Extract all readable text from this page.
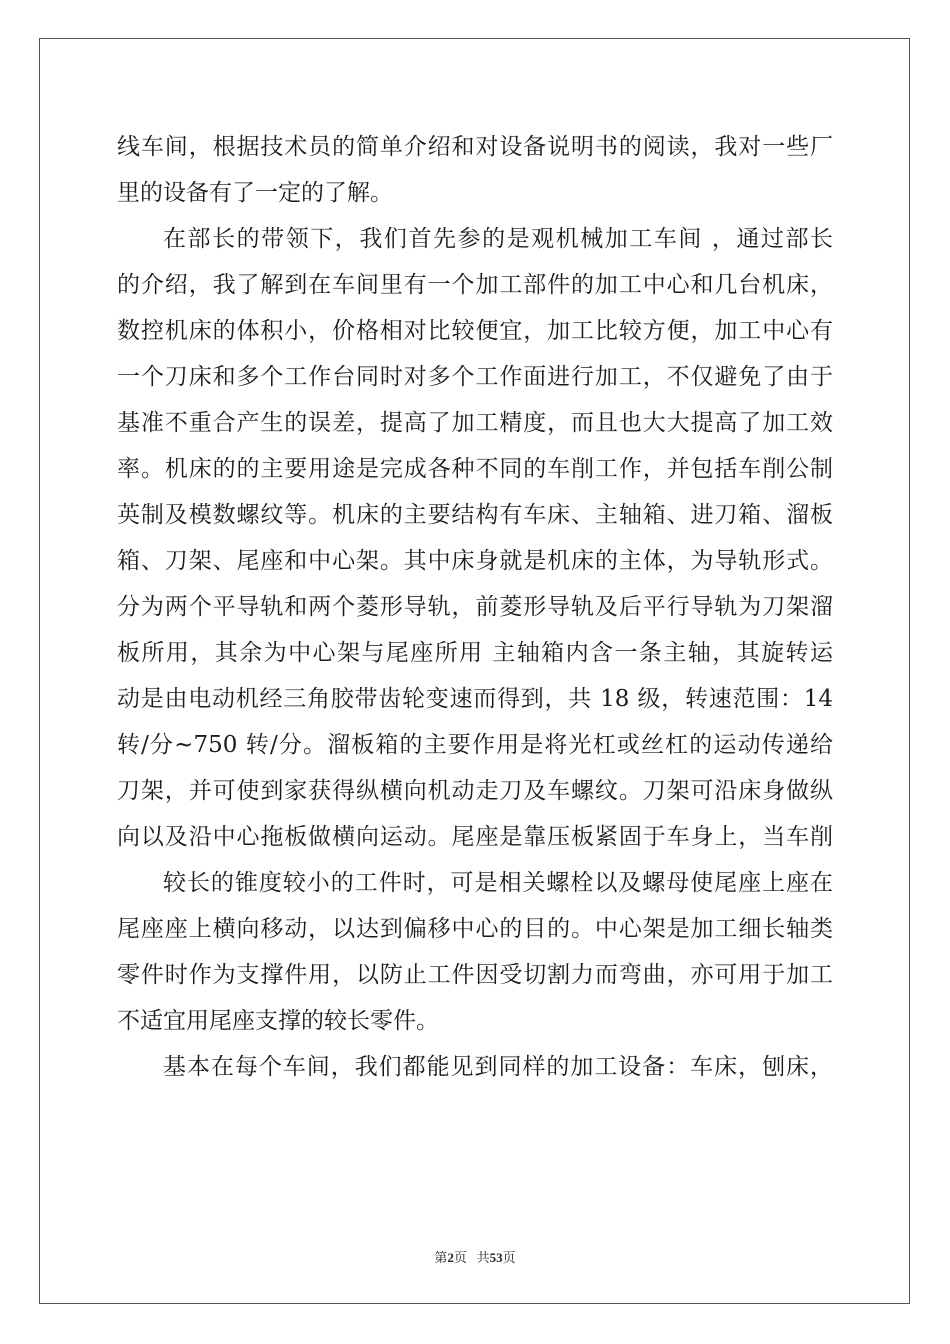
线车间，根据技术员的简单介绍和对设备说明书的阅读，我对一些厂
里的设备有了一定的了解。
在部长的带领下，我们首先参的是观机械加工车间 ，通过部长
的介绍，我了解到在车间里有一个加工部件的加工中心和几台机床，
数控机床的体积小，价格相对比较便宜，加工比较方便，加工中心有
一个刀床和多个工作台同时对多个工作面进行加工，不仅避免了由于
基准不重合产生的误差，提高了加工精度，而且也大大提高了加工效
率。机床的的主要用途是完成各种不同的车削工作，并包括车削公制
英制及模数螺纹等。机床的主要结构有车床、主轴箱、进刀箱、溜板
箱、刀架、尾座和中心架。其中床身就是机床的主体，为导轨形式。
分为两个平导轨和两个菱形导轨，前菱形导轨及后平行导轨为刀架溜
板所用，其余为中心架与尾座所用 主轴箱内含一条主轴，其旋转运
动是由电动机经三角胶带齿轮变速而得到，共 18 级，转速范围：14
转/分~750 转/分。溜板箱的主要作用是将光杠或丝杠的运动传递给
刀架，并可使到家获得纵横向机动走刀及车螺纹。刀架可沿床身做纵
向以及沿中心拖板做横向运动。尾座是靠压板紧固于车身上，当车削
较长的锥度较小的工件时，可是相关螺栓以及螺母使尾座上座在
尾座座上横向移动，以达到偏移中心的目的。中心架是加工细长轴类
零件时作为支撑件用，以防止工件因受切割力而弯曲，亦可用于加工
不适宜用尾座支撑的较长零件。
基本在每个车间，我们都能见到同样的加工设备：车床，刨床，
第2页 共53页
